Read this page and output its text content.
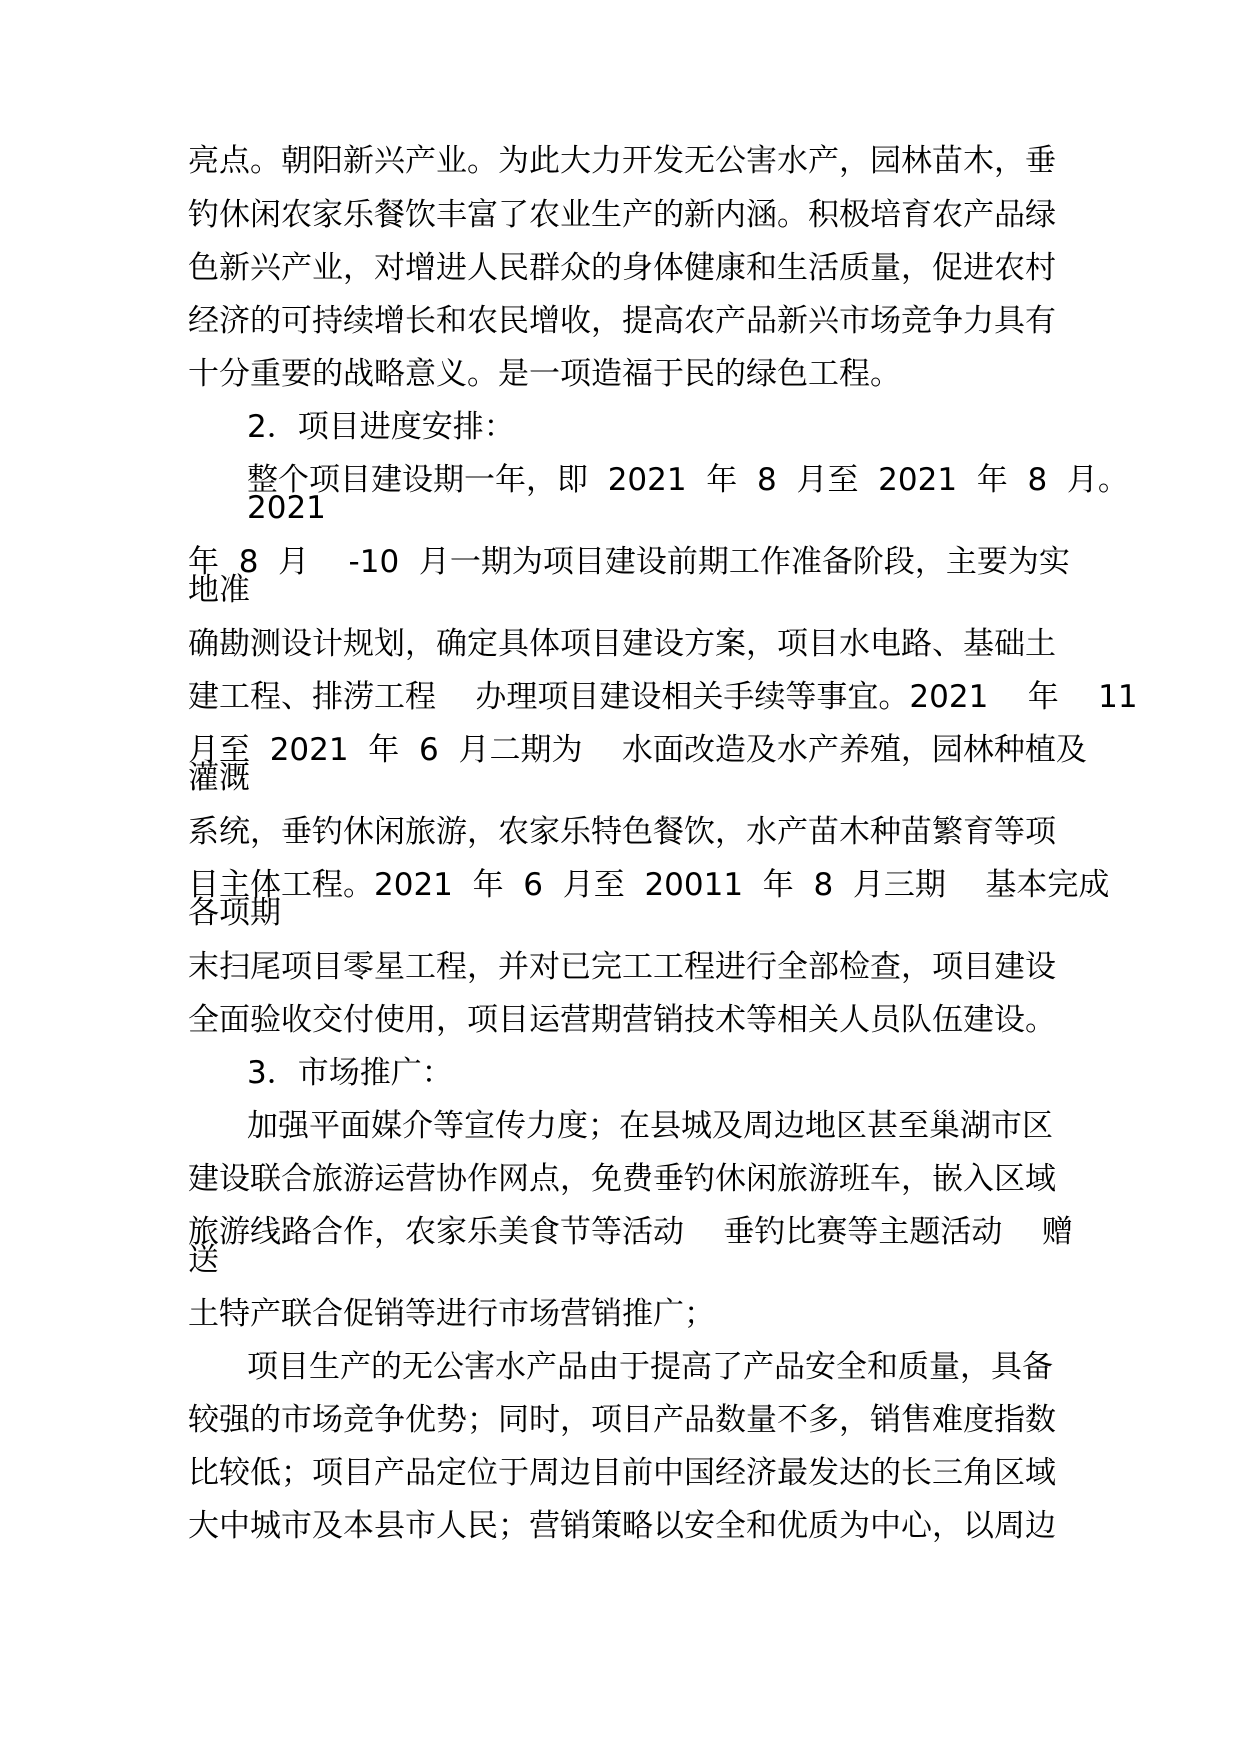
亮点。朝阳新兴产业。为此大力开发无公害水产，园林苗木，垂

钓休闲农家乐餐饮丰富了农业生产的新内涵。积极培育农产品绿

色新兴产业，对增进人民群众的身体健康和生活质量，促进农村

经济的可持续增长和农民增收，提高农产品新兴市场竞争力具有

十分重要的战略意义。是一项造福于民的绿色工程。

2．项目进度安排：

整个项目建设期一年，即  2021  年  8  月至  2021  年  8  月。

2021

年  8  月    -10  月一期为项目建设前期工作准备阶段，主要为实

地准

确勘测设计规划，确定具体项目建设方案，项目水电路、基础土

建工程、排涝工程    办理项目建设相关手续等事宜。2021    年    11

月至  2021  年  6  月二期为    水面改造及水产养殖，园林种植及

灌溉

系统，垂钓休闲旅游，农家乐特色餐饮，水产苗木种苗繁育等项

目主体工程。2021  年  6  月至  20011  年  8  月三期    基本完成

各项期

末扫尾项目零星工程，并对已完工工程进行全部检查，项目建设

全面验收交付使用，项目运营期营销技术等相关人员队伍建设。

3．市场推广：

加强平面媒介等宣传力度；在县城及周边地区甚至巢湖市区

建设联合旅游运营协作网点，免费垂钓休闲旅游班车，嵌入区域

旅游线路合作，农家乐美食节等活动    垂钓比赛等主题活动    赠

送

土特产联合促销等进行市场营销推广；

项目生产的无公害水产品由于提高了产品安全和质量，具备

较强的市场竞争优势；同时，项目产品数量不多，销售难度指数

比较低；项目产品定位于周边目前中国经济最发达的长三角区域

大中城市及本县市人民；营销策略以安全和优质为中心，以周边
